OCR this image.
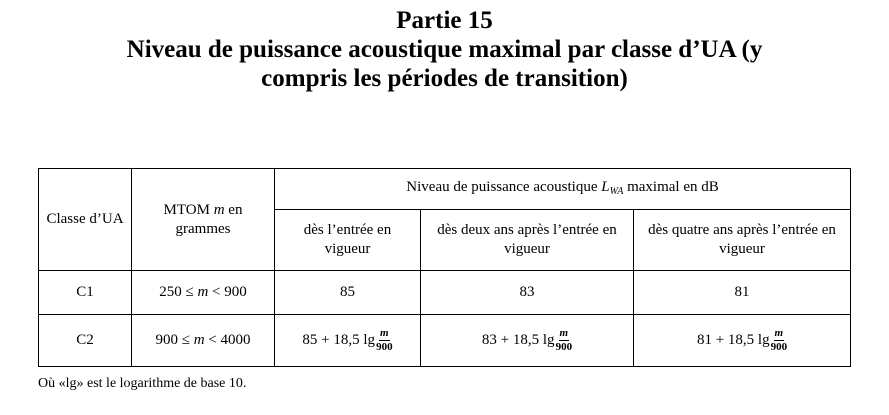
Partie 15
Niveau de puissance acoustique maximal par classe d’UA (y
compris les périodes de transition)
Classe d’UA	MTOM m en grammes	Niveau de puissance acoustique $L_{WA}$ maximal en dB		
		dès l’entrée en vigueur	dès deux ans après l’entrée en vigueur	dès quatre ans après l’entrée en vigueur
C1	250 ≤ m < 900	85	83	81
C2	900 ≤ m < 4000	85 + 18,5 $\lg \frac{m}{900}$	83 + 18,5 $\lg \frac{m}{900}$	81 + 18,5 $\lg \frac{m}{900}$
Où «lg» est le logarithme de base 10.
